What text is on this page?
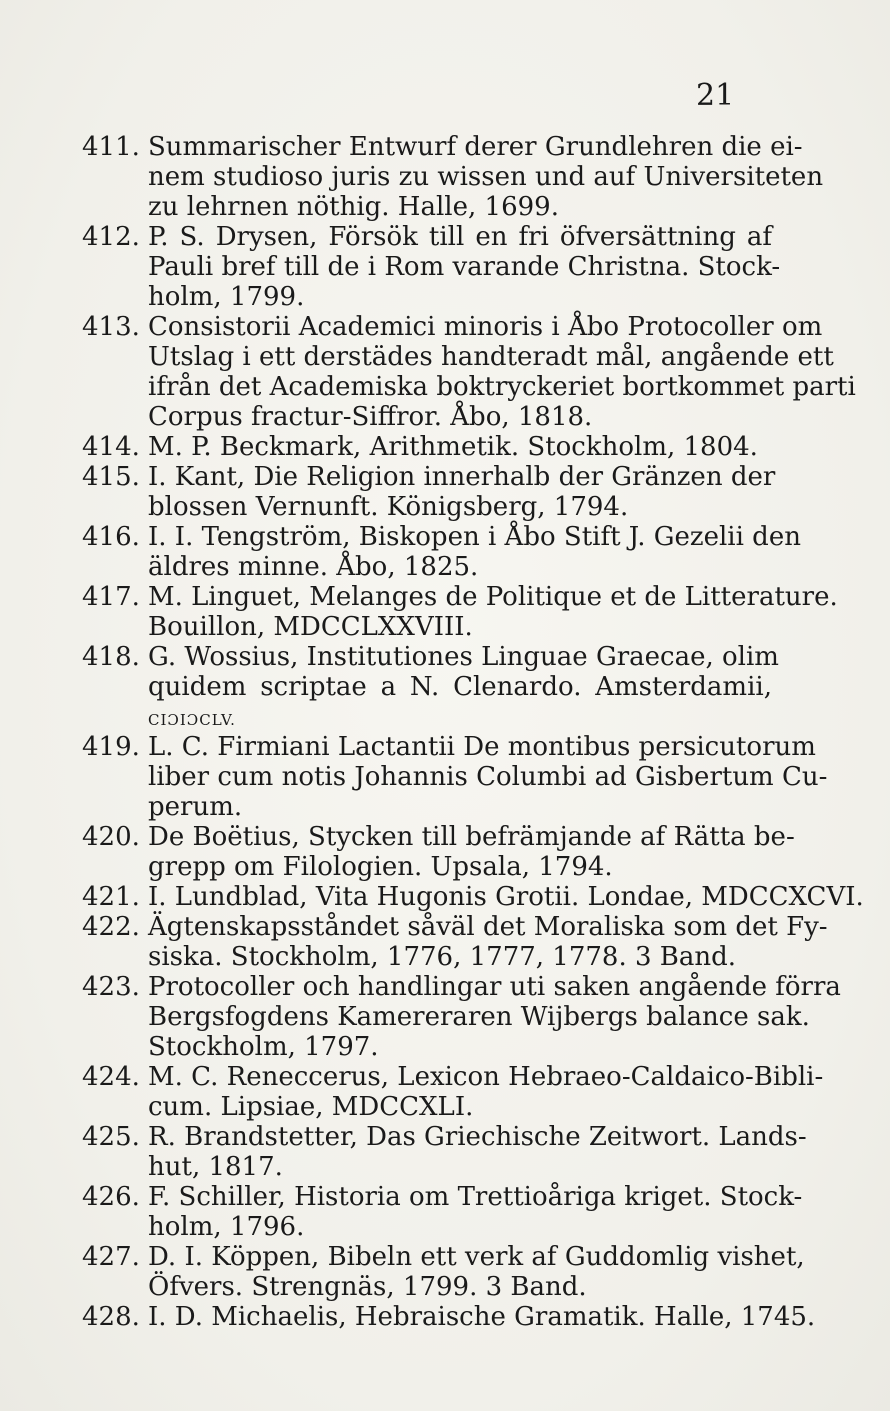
21
411. Summarischer Entwurf derer Grundlehren die ei-
nem studioso juris zu wissen und auf Universiteten
zu lehrnen nöthig. Halle, 1699.
412. P. S. Drysen, Försök till en fri öfversättning af
Pauli bref till de i Rom varande Christna. Stock-
holm, 1799.
413. Consistorii Academici minoris i Åbo Protocoller om
Utslag i ett derstädes handteradt mål, angående ett
ifrån det Academiska boktryckeriet bortkommet parti
Corpus fractur-Siffror. Åbo, 1818.
414. M. P. Beckmark, Arithmetik. Stockholm, 1804.
415. I. Kant, Die Religion innerhalb der Gränzen der
blossen Vernunft. Königsberg, 1794.
416. I. I. Tengström, Biskopen i Åbo Stift J. Gezelii den
äldres minne. Åbo, 1825.
417. M. Linguet, Melanges de Politique et de Litterature.
Bouillon, MDCCLXXVIII.
418. G. Wossius, Institutiones Linguae Graecae, olim
quidem scriptae a N. Clenardo. Amsterdamii,
CIƆIƆCLV.
419. L. C. Firmiani Lactantii De montibus persicutorum
liber cum notis Johannis Columbi ad Gisbertum Cu-
perum.
420. De Boëtius, Stycken till befrämjande af Rätta be-
grepp om Filologien. Upsala, 1794.
421. I. Lundblad, Vita Hugonis Grotii. Londae, MDCCXCVI.
422. Ägtenskapsståndet såväl det Moraliska som det Fy-
siska. Stockholm, 1776, 1777, 1778. 3 Band.
423. Protocoller och handlingar uti saken angående förra
Bergsfogdens Kamereraren Wijbergs balance sak.
Stockholm, 1797.
424. M. C. Reneccerus, Lexicon Hebraeo-Caldaico-Bibli-
cum. Lipsiae, MDCCXLI.
425. R. Brandstetter, Das Griechische Zeitwort. Lands-
hut, 1817.
426. F. Schiller, Historia om Trettioåriga kriget. Stock-
holm, 1796.
427. D. I. Köppen, Bibeln ett verk af Guddomlig vishet,
Öfvers. Strengnäs, 1799. 3 Band.
428. I. D. Michaelis, Hebraische Gramatik. Halle, 1745.
